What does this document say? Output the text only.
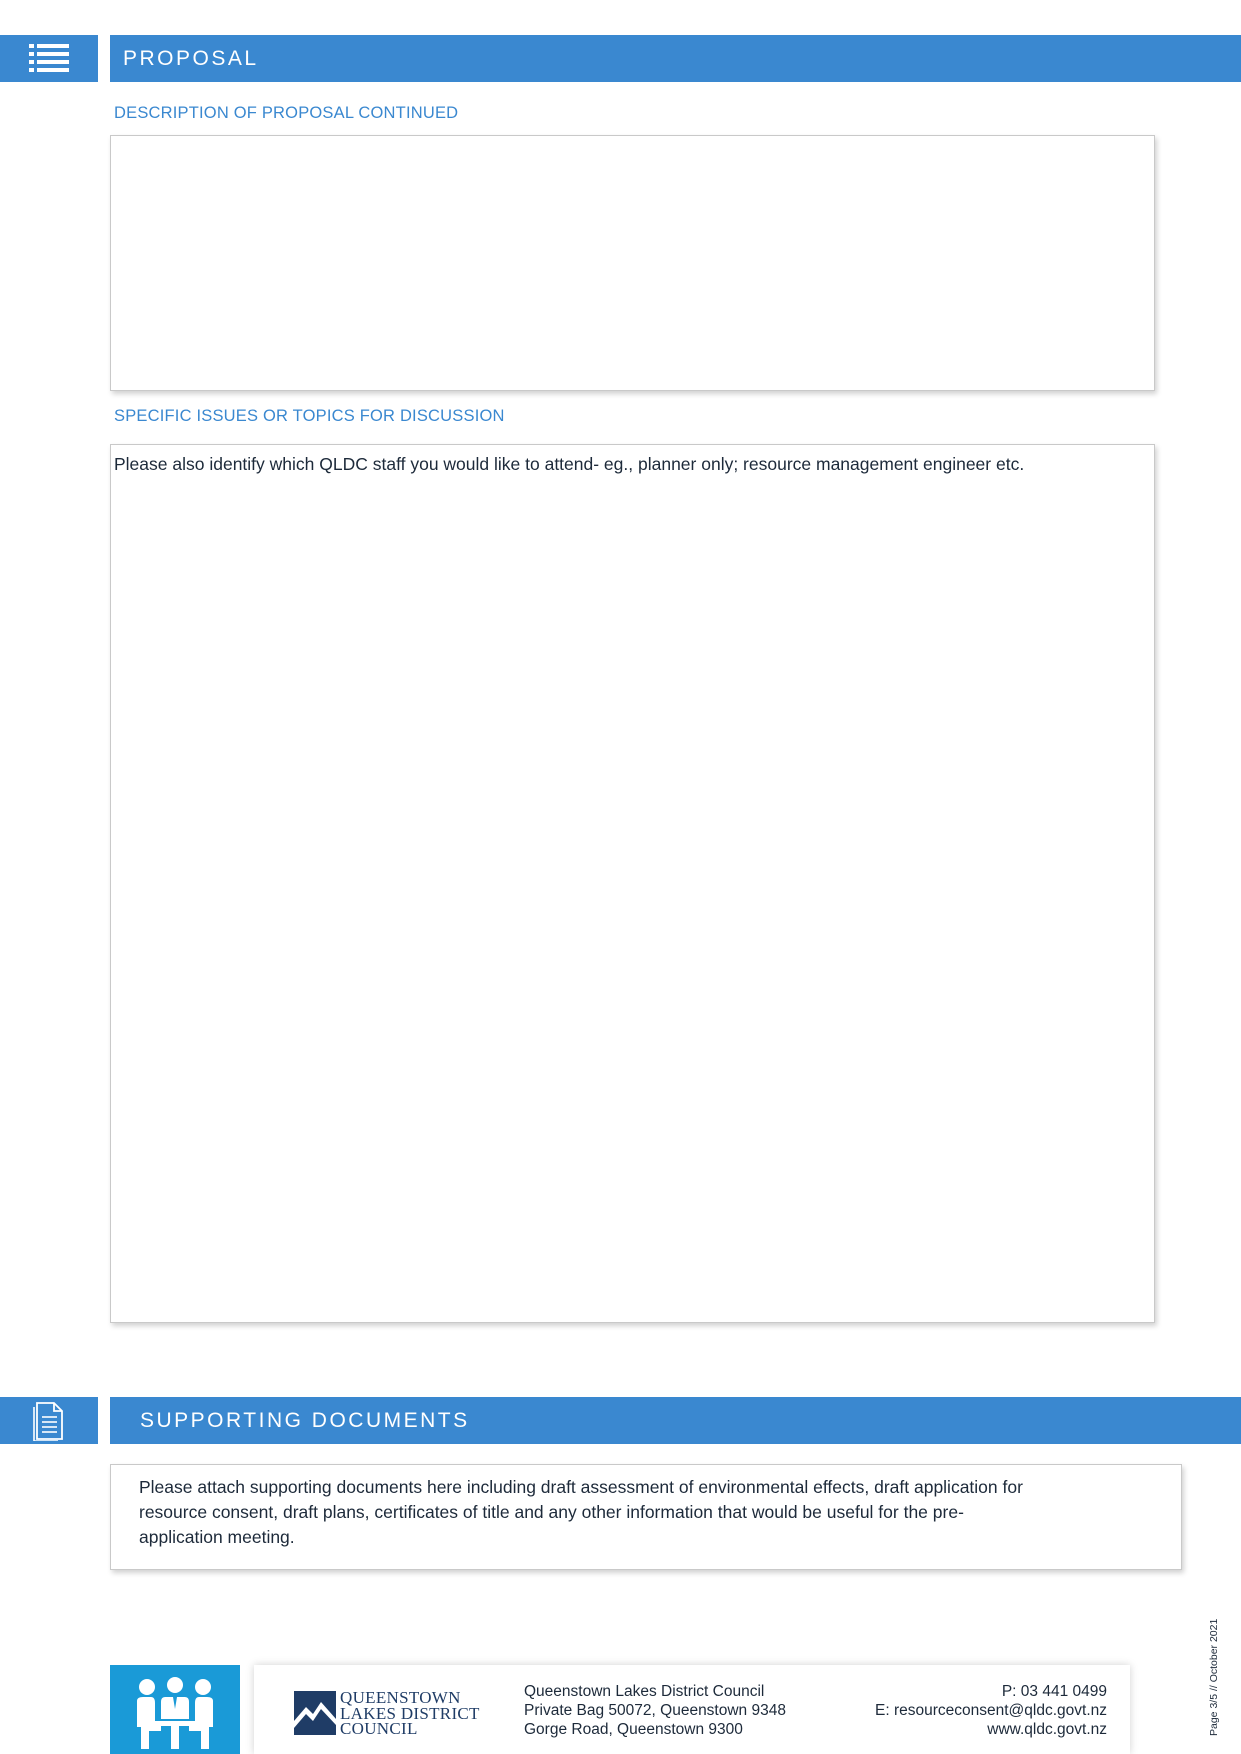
PROPOSAL
DESCRIPTION OF PROPOSAL CONTINUED
SPECIFIC ISSUES OR TOPICS FOR DISCUSSION
Please also identify which QLDC staff you would like to attend- eg., planner only; resource management engineer etc.
SUPPORTING DOCUMENTS
Please attach supporting documents here including draft assessment of environmental effects, draft application for resource consent, draft plans, certificates of title and any other information that would be useful for the pre-application meeting.
QUEENSTOWN
LAKES DISTRICT
COUNCIL
Queenstown Lakes District Council
Private Bag 50072, Queenstown 9348
Gorge Road, Queenstown 9300
P: 03 441 0499
E: resourceconsent@qldc.govt.nz
www.qldc.govt.nz	Page 3/5 // October 2021
